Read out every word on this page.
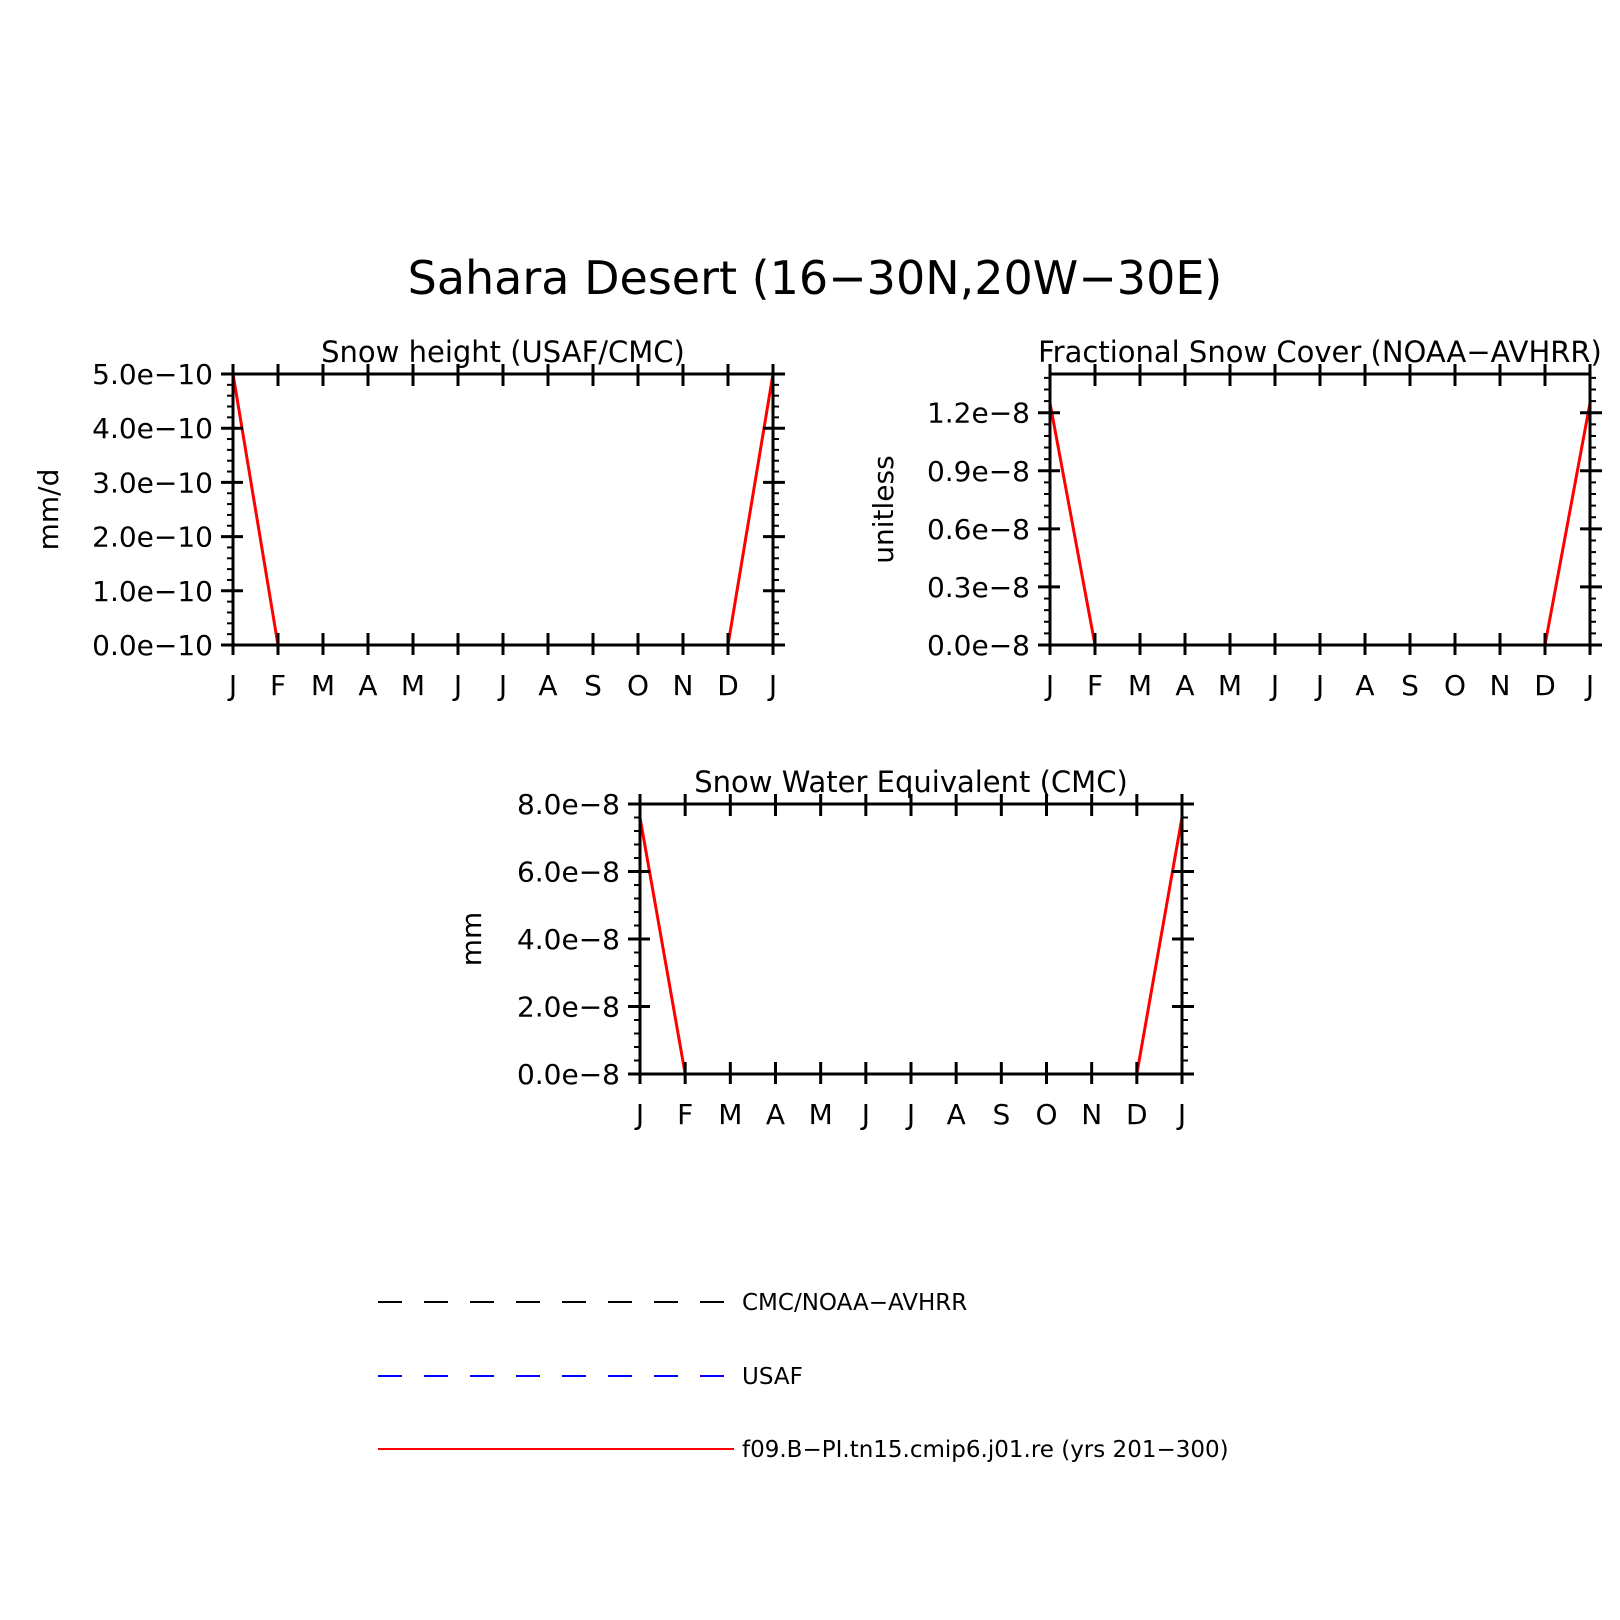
Sahara Desert (16−30N,20W−30E)
Snow height (USAF/CMC)
mm/d
J F M A M J J A S O N D J
0.0e−10
1.0e−10
2.0e−10
3.0e−10
4.0e−10
5.0e−10
Fractional Snow Cover (NOAA−AVHRR)
unitless
J F M A M J J A S O N D J
0.0e−8
0.3e−8
0.6e−8
0.9e−8
1.2e−8
Snow Water Equivalent (CMC)
mm
J F M A M J J A S O N D J
0.0e−8
2.0e−8
4.0e−8
6.0e−8
8.0e−8
CMC/NOAA−AVHRR
USAF
f09.B−PI.tn15.cmip6.j01.re (yrs 201−300)
